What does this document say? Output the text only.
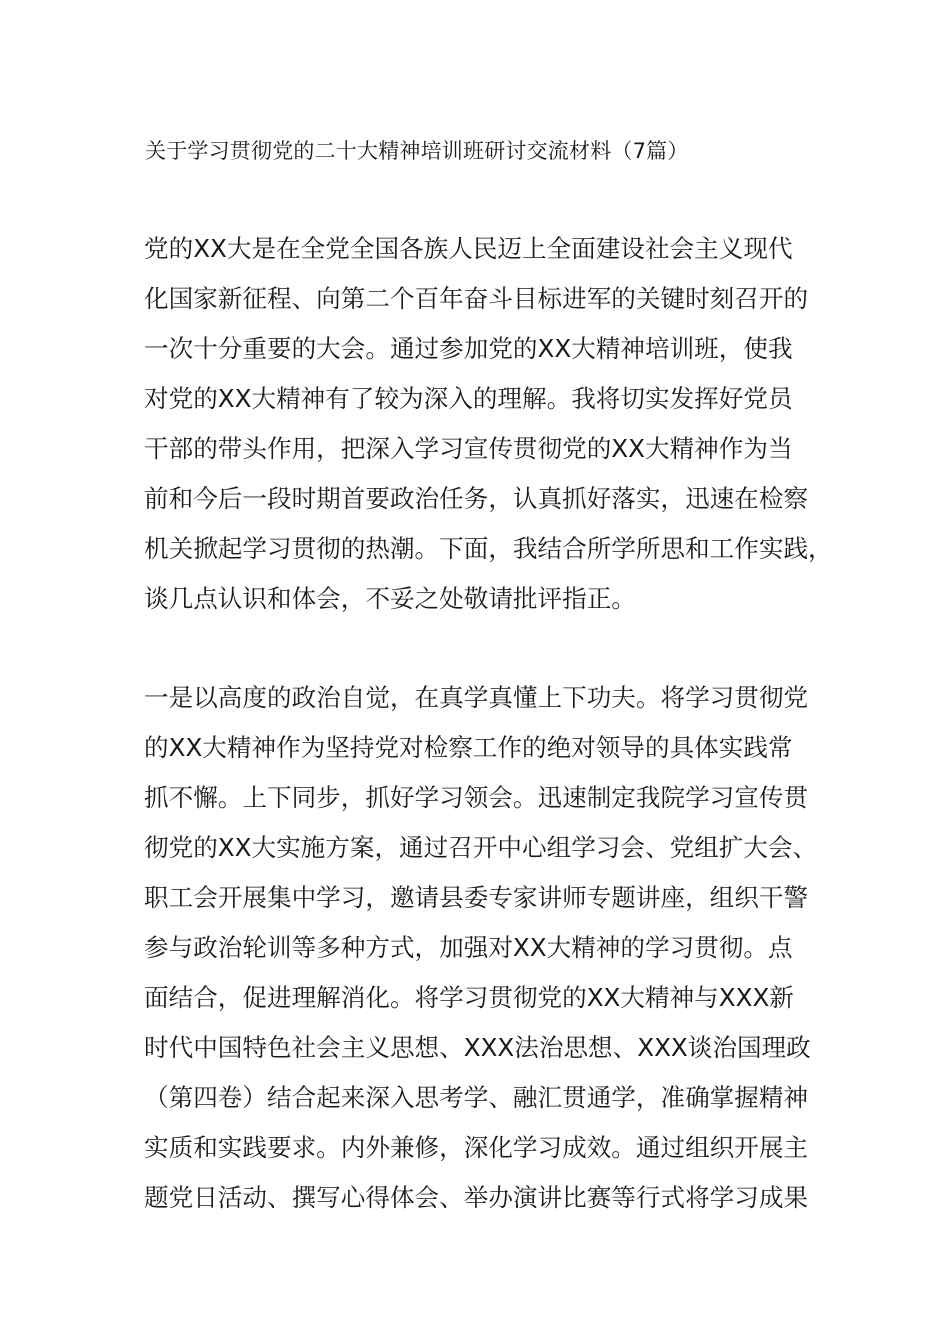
关于学习贯彻党的二十大精神培训班研讨交流材料（7篇）
党的XX大是在全党全国各族人民迈上全面建设社会主义现代
化国家新征程、向第二个百年奋斗目标进军的关键时刻召开的
一次十分重要的大会。通过参加党的XX大精神培训班，使我
对党的XX大精神有了较为深入的理解。我将切实发挥好党员
干部的带头作用，把深入学习宣传贯彻党的XX大精神作为当
前和今后一段时期首要政治任务，认真抓好落实，迅速在检察
机关掀起学习贯彻的热潮。下面，我结合所学所思和工作实践，
谈几点认识和体会，不妥之处敬请批评指正。
一是以高度的政治自觉，在真学真懂上下功夫。将学习贯彻党
的XX大精神作为坚持党对检察工作的绝对领导的具体实践常
抓不懈。上下同步，抓好学习领会。迅速制定我院学习宣传贯
彻党的XX大实施方案，通过召开中心组学习会、党组扩大会、
职工会开展集中学习，邀请县委专家讲师专题讲座，组织干警
参与政治轮训等多种方式，加强对XX大精神的学习贯彻。点
面结合，促进理解消化。将学习贯彻党的XX大精神与XXX新
时代中国特色社会主义思想、XXX法治思想、XXX谈治国理政
（第四卷）结合起来深入思考学、融汇贯通学，准确掌握精神
实质和实践要求。内外兼修，深化学习成效。通过组织开展主
题党日活动、撰写心得体会、举办演讲比赛等行式将学习成果
